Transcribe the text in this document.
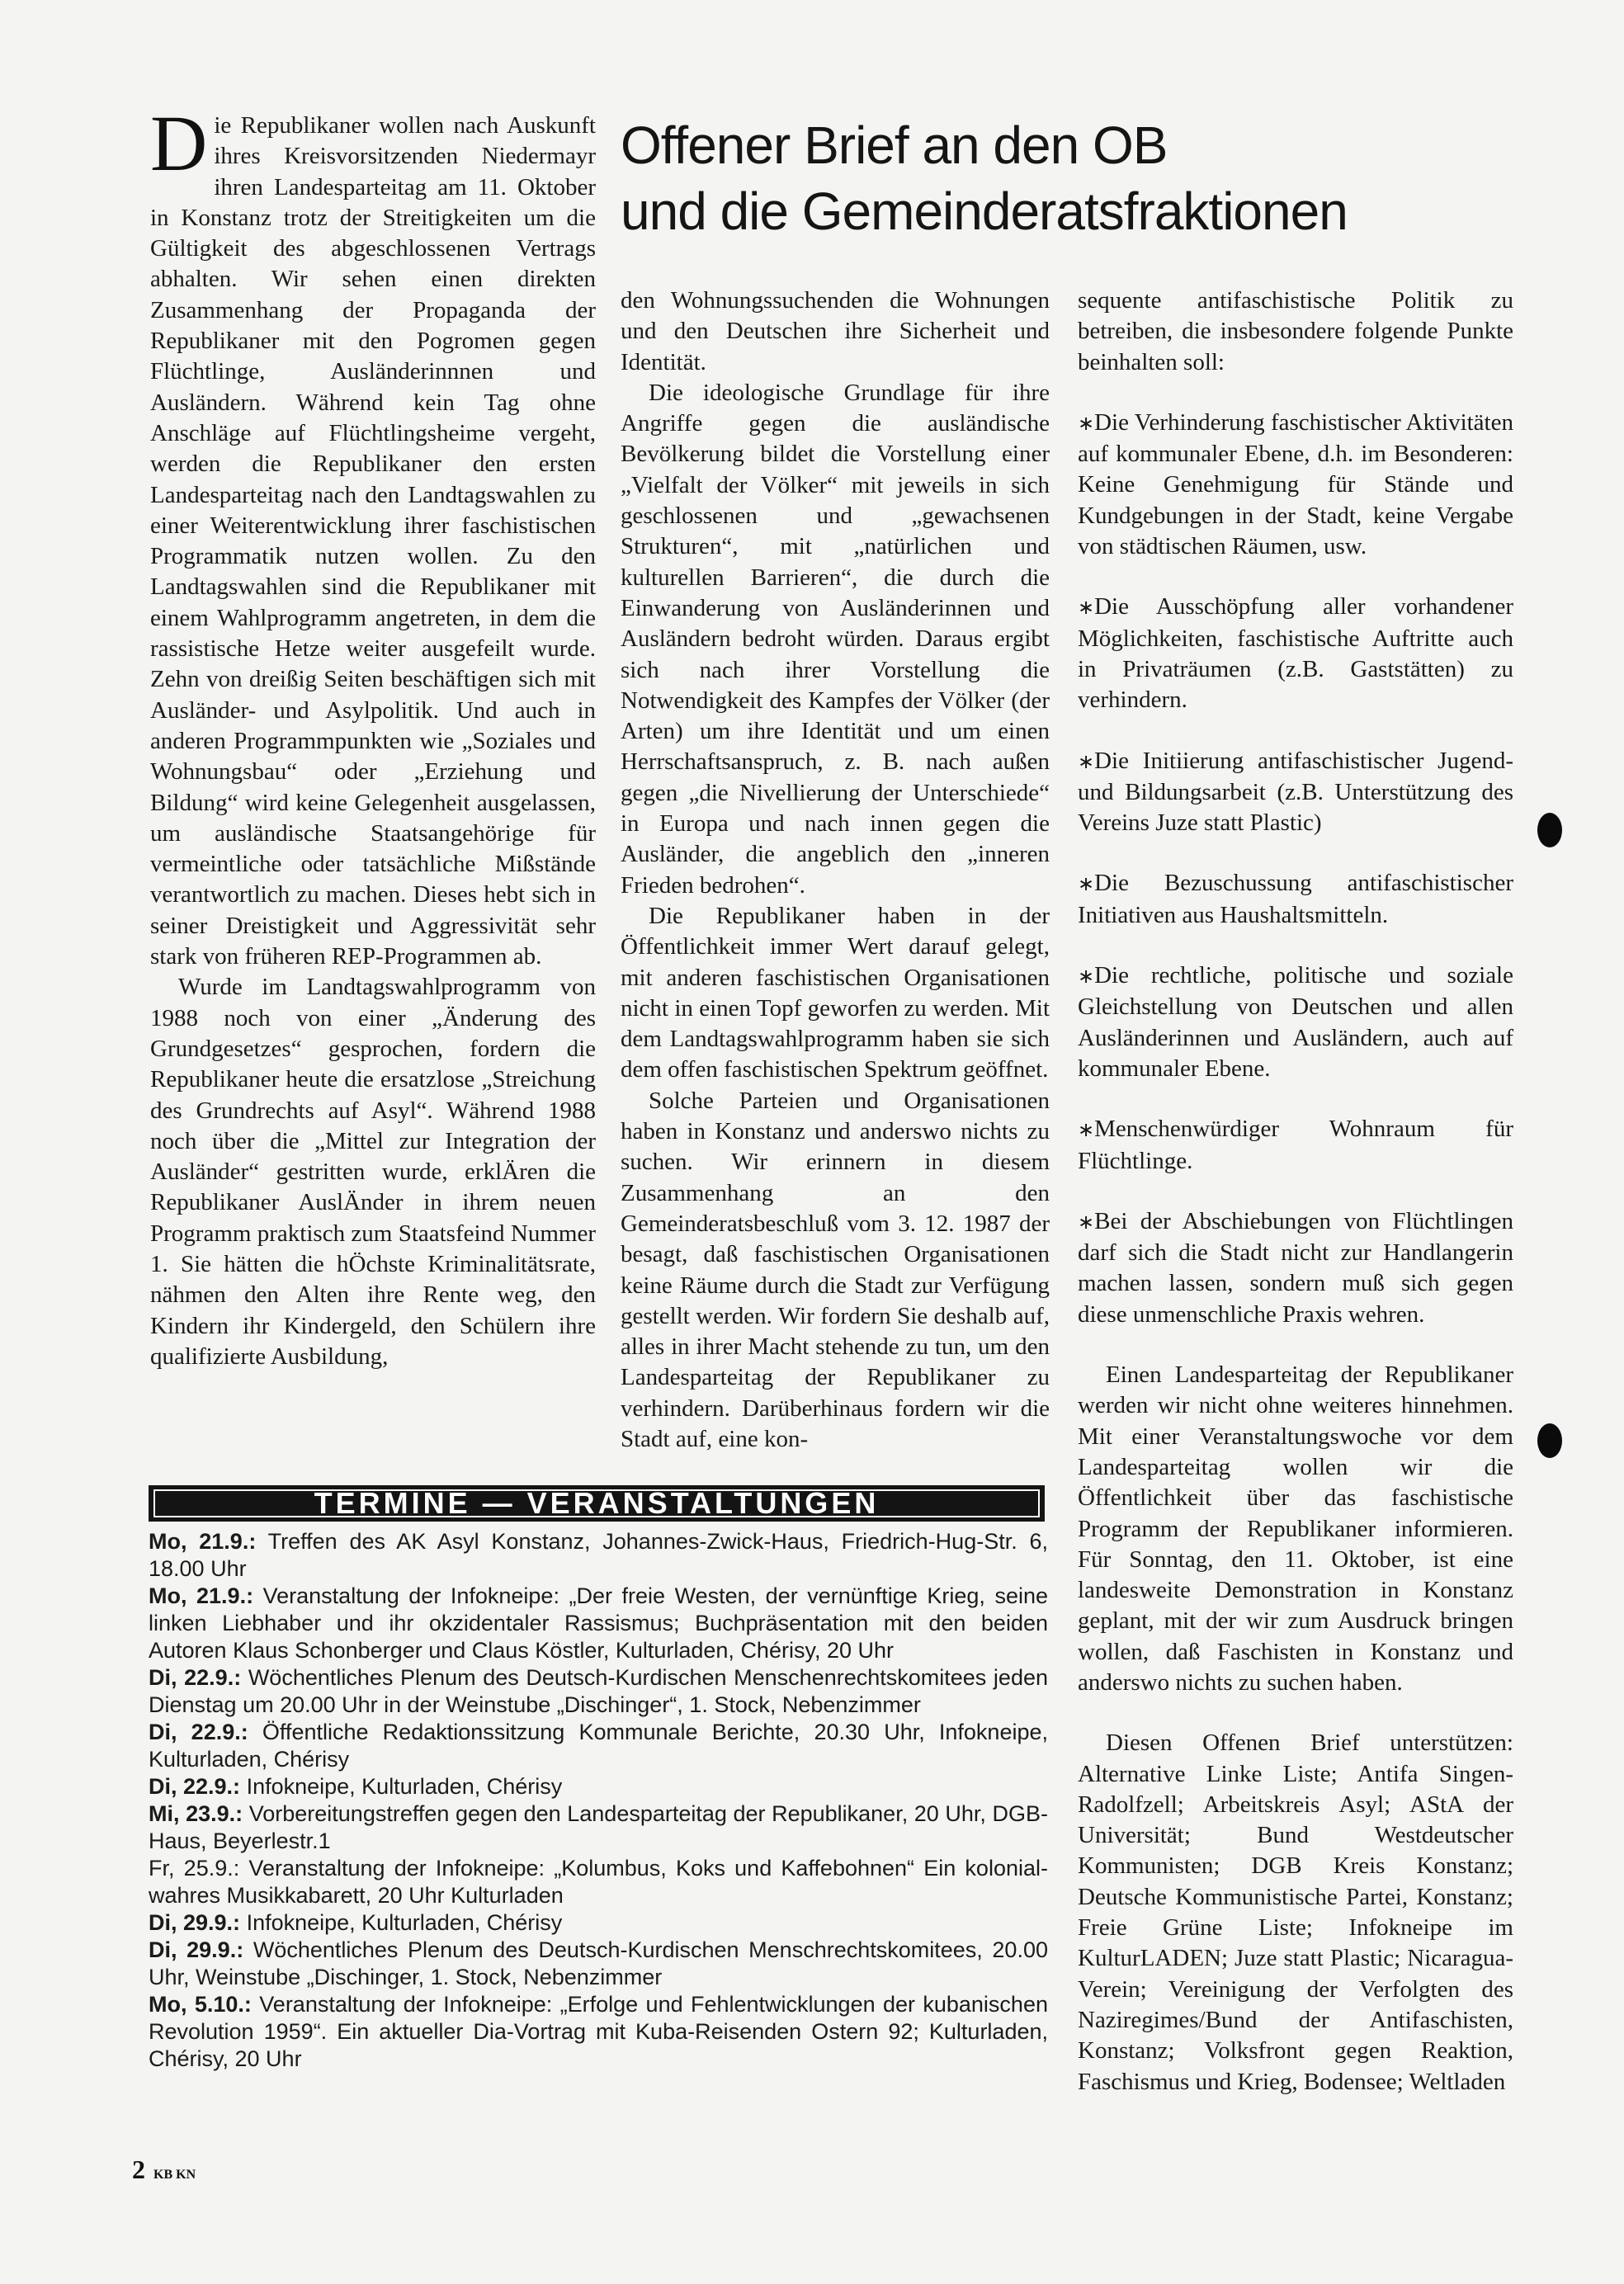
Offener Brief an den OB
und die Gemeinderatsfraktionen

Die Republikaner wollen nach Auskunft ihres Kreisvorsitzenden Niedermayr ihren Landesparteitag am 11. Oktober in Konstanz trotz der Streitigkeiten um die Gültigkeit des abgeschlossenen Vertrags abhalten. Wir sehen einen direkten Zusammenhang der Propaganda der Republikaner mit den Pogromen gegen Flüchtlinge, Ausländerinnnen und Ausländern. Während kein Tag ohne Anschläge auf Flüchtlingsheime vergeht, werden die Republikaner den ersten Landesparteitag nach den Landtagswahlen zu einer Weiterentwicklung ihrer faschistischen Programmatik nutzen wollen. Zu den Landtagswahlen sind die Republikaner mit einem Wahlprogramm angetreten, in dem die rassistische Hetze weiter ausgefeilt wurde. Zehn von dreißig Seiten beschäftigen sich mit Ausländer- und Asylpolitik. Und auch in anderen Programmpunkten wie „Soziales und Wohnungsbau“ oder „Erziehung und Bildung“ wird keine Gelegenheit ausgelassen, um ausländische Staatsangehörige für vermeintliche oder tatsächliche Mißstände verantwortlich zu machen. Dieses hebt sich in seiner Dreistigkeit und Aggressivität sehr stark von früheren REP-Programmen ab.

Wurde im Landtagswahlprogramm von 1988 noch von einer „Änderung des Grundgesetzes“ gesprochen, fordern die Republikaner heute die ersatzlose „Streichung des Grundrechts auf Asyl“. Während 1988 noch über die „Mittel zur Integration der Ausländer“ gestritten wurde, erklÄren die Republikaner AuslÄnder in ihrem neuen Programm praktisch zum Staatsfeind Nummer 1. Sie hätten die hÖchste Kriminalitätsrate, nähmen den Alten ihre Rente weg, den Kindern ihr Kindergeld, den Schülern ihre qualifizierte Ausbildung,

den Wohnungssuchenden die Wohnungen und den Deutschen ihre Sicherheit und Identität.

Die ideologische Grundlage für ihre Angriffe gegen die ausländische Bevölkerung bildet die Vorstellung einer „Vielfalt der Völker“ mit jeweils in sich geschlossenen und „gewachsenen Strukturen“, mit „natürlichen und kulturellen Barrieren“, die durch die Einwanderung von Ausländerinnen und Ausländern bedroht würden. Daraus ergibt sich nach ihrer Vorstellung die Notwendigkeit des Kampfes der Völker (der Arten) um ihre Identität und um einen Herrschaftsanspruch, z. B. nach außen gegen „die Nivellierung der Unterschiede“ in Europa und nach innen gegen die Ausländer, die angeblich den „inneren Frieden bedrohen“.

Die Republikaner haben in der Öffentlichkeit immer Wert darauf gelegt, mit anderen faschistischen Organisationen nicht in einen Topf geworfen zu werden. Mit dem Landtagswahlprogramm haben sie sich dem offen faschistischen Spektrum geöffnet.

Solche Parteien und Organisationen haben in Konstanz und anderswo nichts zu suchen. Wir erinnern in diesem Zusammenhang an den Gemeinderatsbeschluß vom 3. 12. 1987 der besagt, daß faschistischen Organisationen keine Räume durch die Stadt zur Verfügung gestellt werden. Wir fordern Sie deshalb auf, alles in ihrer Macht stehende zu tun, um den Landesparteitag der Republikaner zu verhindern. Darüberhinaus fordern wir die Stadt auf, eine kon-

sequente antifaschistische Politik zu betreiben, die insbesondere folgende Punkte beinhalten soll:

∗Die Verhinderung faschistischer Aktivitäten auf kommunaler Ebene, d.h. im Besonderen: Keine Genehmigung für Stände und Kundgebungen in der Stadt, keine Vergabe von städtischen Räumen, usw.

∗Die Ausschöpfung aller vorhandener Möglichkeiten, faschistische Auftritte auch in Privaträumen (z.B. Gaststätten) zu verhindern.

∗Die Initiierung antifaschistischer Jugend- und Bildungsarbeit (z.B. Unterstützung des Vereins Juze statt Plastic)

∗Die Bezuschussung antifaschistischer Initiativen aus Haushaltsmitteln.

∗Die rechtliche, politische und soziale Gleichstellung von Deutschen und allen Ausländerinnen und Ausländern, auch auf kommunaler Ebene.

∗Menschenwürdiger Wohnraum für Flüchtlinge.

∗Bei der Abschiebungen von Flüchtlingen darf sich die Stadt nicht zur Handlangerin machen lassen, sondern muß sich gegen diese unmenschliche Praxis wehren.

Einen Landesparteitag der Republikaner werden wir nicht ohne weiteres hinnehmen. Mit einer Veranstaltungswoche vor dem Landesparteitag wollen wir die Öffentlichkeit über das faschistische Programm der Republikaner informieren. Für Sonntag, den 11. Oktober, ist eine landesweite Demonstration in Konstanz geplant, mit der wir zum Ausdruck bringen wollen, daß Faschisten in Konstanz und anderswo nichts zu suchen haben.

Diesen Offenen Brief unterstützen: Alternative Linke Liste; Antifa Singen-Radolfzell; Arbeitskreis Asyl; AStA der Universität; Bund Westdeutscher Kommunisten; DGB Kreis Konstanz; Deutsche Kommunistische Partei, Konstanz; Freie Grüne Liste; Infokneipe im KulturLADEN; Juze statt Plastic; Nicaragua-Verein; Vereinigung der Verfolgten des Naziregimes/Bund der Antifaschisten, Konstanz; Volksfront gegen Reaktion, Faschismus und Krieg, Bodensee; Weltladen

TERMINE — VERANSTALTUNGEN

Mo, 21.9.: Treffen des AK Asyl Konstanz, Johannes-Zwick-Haus, Friedrich-Hug-Str. 6, 18.00 Uhr

Mo, 21.9.: Veranstaltung der Infokneipe: „Der freie Westen, der vernünftige Krieg, seine linken Liebhaber und ihr okzidentaler Rassismus; Buchpräsentation mit den beiden Autoren Klaus Schonberger und Claus Köstler, Kulturladen, Chérisy, 20 Uhr

Di, 22.9.: Wöchentliches Plenum des Deutsch-Kurdischen Menschenrechtskomitees jeden Dienstag um 20.00 Uhr in der Weinstube „Dischinger“, 1. Stock, Nebenzimmer

Di, 22.9.: Öffentliche Redaktionssitzung Kommunale Berichte, 20.30 Uhr, Infokneipe, Kulturladen, Chérisy

Di, 22.9.: Infokneipe, Kulturladen, Chérisy

Mi, 23.9.: Vorbereitungstreffen gegen den Landesparteitag der Republikaner, 20 Uhr, DGB-Haus, Beyerlestr.1

Fr, 25.9.: Veranstaltung der Infokneipe: „Kolumbus, Koks und Kaffebohnen“ Ein kolonial-wahres Musikkabarett, 20 Uhr Kulturladen

Di, 29.9.: Infokneipe, Kulturladen, Chérisy

Di, 29.9.: Wöchentliches Plenum des Deutsch-Kurdischen Menschrechtskomitees, 20.00 Uhr, Weinstube „Dischinger, 1. Stock, Nebenzimmer

Mo, 5.10.: Veranstaltung der Infokneipe: „Erfolge und Fehlentwicklungen der kubanischen Revolution 1959“. Ein aktueller Dia-Vortrag mit Kuba-Reisenden Ostern 92; Kulturladen, Chérisy, 20 Uhr

2 KB KN
